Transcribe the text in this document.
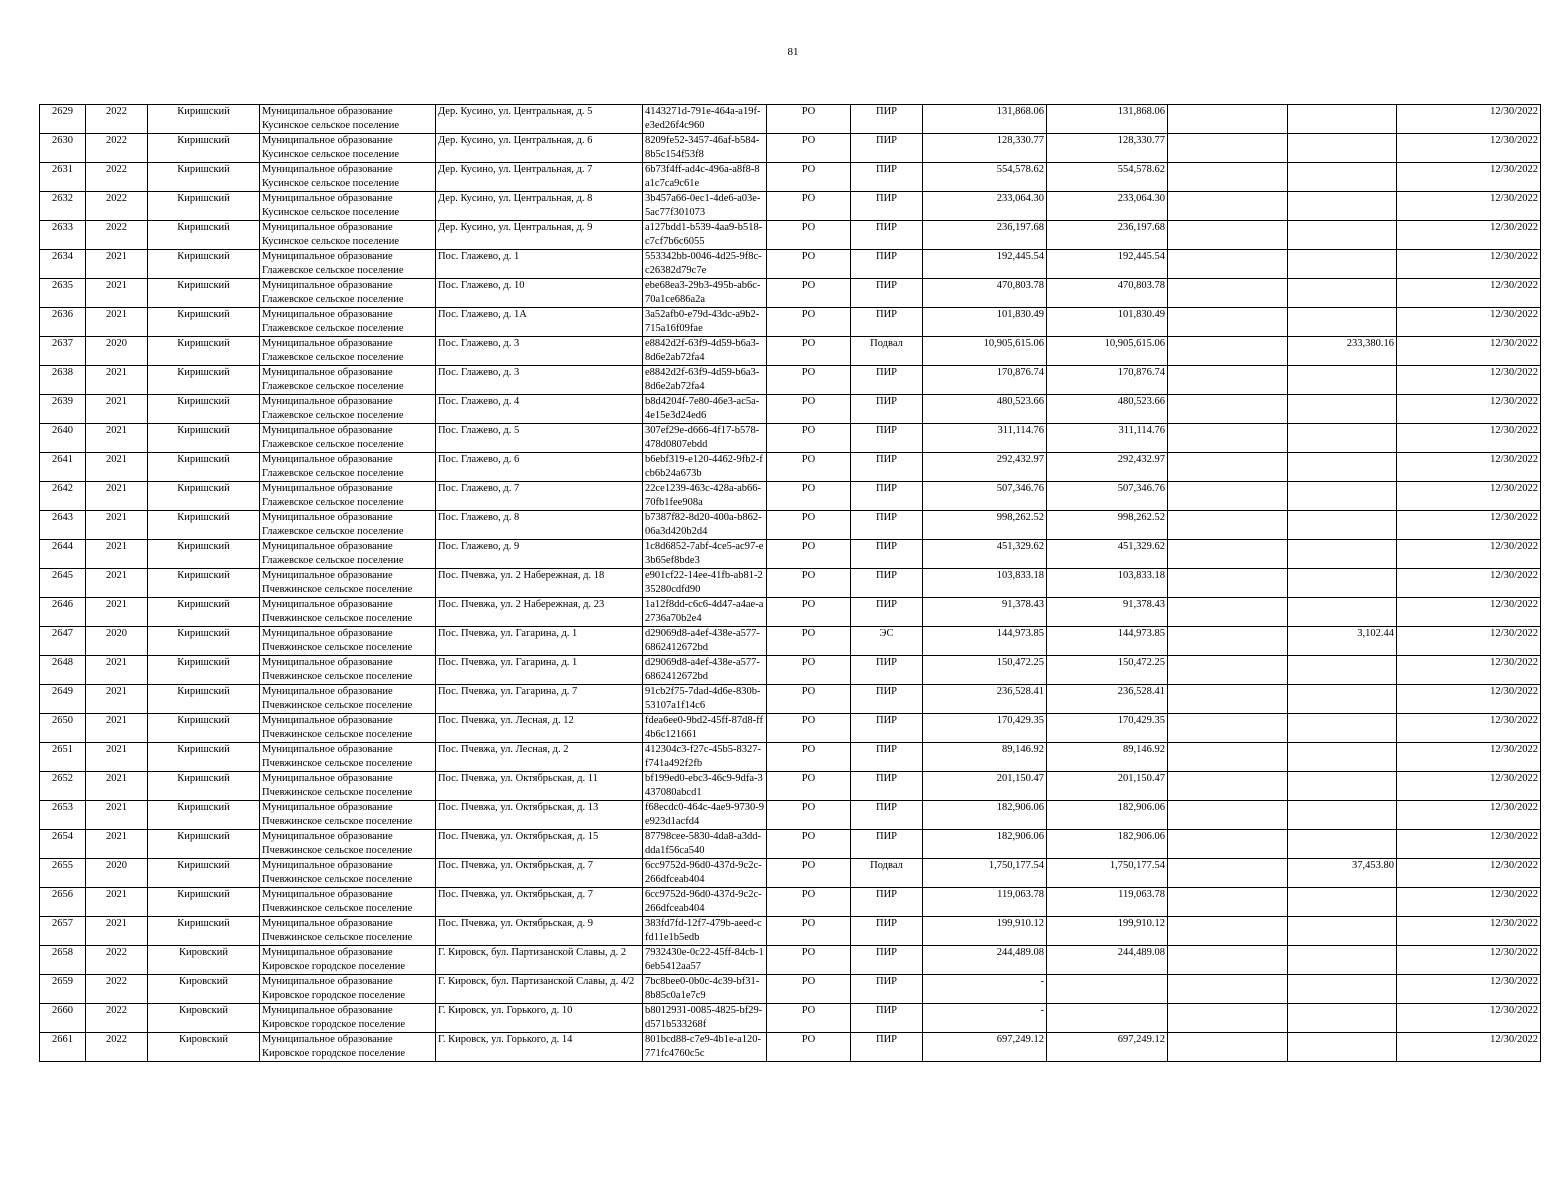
81
2629	2022	Киришский	Муниципальное образование
Кусинское сельское поселение	Дер. Кусино, ул. Центральная, д. 5	4143271d-791e-464a-a19f-e3ed26f4c960	РО	ПИР	131,868.06	131,868.06			12/30/2022
2630	2022	Киришский	Муниципальное образование
Кусинское сельское поселение	Дер. Кусино, ул. Центральная, д. 6	8209fe52-3457-46af-b584-8b5c154f53f8	РО	ПИР	128,330.77	128,330.77			12/30/2022
2631	2022	Киришский	Муниципальное образование
Кусинское сельское поселение	Дер. Кусино, ул. Центральная, д. 7	6b73f4ff-ad4c-496a-a8f8-8a1c7ca9c61e	РО	ПИР	554,578.62	554,578.62			12/30/2022
2632	2022	Киришский	Муниципальное образование
Кусинское сельское поселение	Дер. Кусино, ул. Центральная, д. 8	3b457a66-0ec1-4de6-a03e-5ac77f301073	РО	ПИР	233,064.30	233,064.30			12/30/2022
2633	2022	Киришский	Муниципальное образование
Кусинское сельское поселение	Дер. Кусино, ул. Центральная, д. 9	a127bdd1-b539-4aa9-b518-c7cf7b6c6055	РО	ПИР	236,197.68	236,197.68			12/30/2022
2634	2021	Киришский	Муниципальное образование
Глажевское сельское поселение	Пос. Глажево, д. 1	553342bb-0046-4d25-9f8c-c26382d79c7e	РО	ПИР	192,445.54	192,445.54			12/30/2022
2635	2021	Киришский	Муниципальное образование
Глажевское сельское поселение	Пос. Глажево, д. 10	ebe68ea3-29b3-495b-ab6c-70a1ce686a2a	РО	ПИР	470,803.78	470,803.78			12/30/2022
2636	2021	Киришский	Муниципальное образование
Глажевское сельское поселение	Пос. Глажево, д. 1А	3a52afb0-e79d-43dc-a9b2-715a16f09fae	РО	ПИР	101,830.49	101,830.49			12/30/2022
2637	2020	Киришский	Муниципальное образование
Глажевское сельское поселение	Пос. Глажево, д. 3	e8842d2f-63f9-4d59-b6a3-8d6e2ab72fa4	РО	Подвал	10,905,615.06	10,905,615.06		233,380.16	12/30/2022
2638	2021	Киришский	Муниципальное образование
Глажевское сельское поселение	Пос. Глажево, д. 3	e8842d2f-63f9-4d59-b6a3-8d6e2ab72fa4	РО	ПИР	170,876.74	170,876.74			12/30/2022
2639	2021	Киришский	Муниципальное образование
Глажевское сельское поселение	Пос. Глажево, д. 4	b8d4204f-7e80-46e3-ac5a-4e15e3d24ed6	РО	ПИР	480,523.66	480,523.66			12/30/2022
2640	2021	Киришский	Муниципальное образование
Глажевское сельское поселение	Пос. Глажево, д. 5	307ef29e-d666-4f17-b578-478d0807ebdd	РО	ПИР	311,114.76	311,114.76			12/30/2022
2641	2021	Киришский	Муниципальное образование
Глажевское сельское поселение	Пос. Глажево, д. 6	b6ebf319-e120-4462-9fb2-fcb6b24a673b	РО	ПИР	292,432.97	292,432.97			12/30/2022
2642	2021	Киришский	Муниципальное образование
Глажевское сельское поселение	Пос. Глажево, д. 7	22ce1239-463c-428a-ab66-70fb1fee908a	РО	ПИР	507,346.76	507,346.76			12/30/2022
2643	2021	Киришский	Муниципальное образование
Глажевское сельское поселение	Пос. Глажево, д. 8	b7387f82-8d20-400a-b862-06a3d420b2d4	РО	ПИР	998,262.52	998,262.52			12/30/2022
2644	2021	Киришский	Муниципальное образование
Глажевское сельское поселение	Пос. Глажево, д. 9	1c8d6852-7abf-4ce5-ac97-e3b65ef8bde3	РО	ПИР	451,329.62	451,329.62			12/30/2022
2645	2021	Киришский	Муниципальное образование
Пчевжинское сельское поселение	Пос. Пчевжа, ул. 2 Набережная, д. 18	e901cf22-14ee-41fb-ab81-235280cdfd90	РО	ПИР	103,833.18	103,833.18			12/30/2022
2646	2021	Киришский	Муниципальное образование
Пчевжинское сельское поселение	Пос. Пчевжа, ул. 2 Набережная, д. 23	1a12f8dd-c6c6-4d47-a4ae-a2736a70b2e4	РО	ПИР	91,378.43	91,378.43			12/30/2022
2647	2020	Киришский	Муниципальное образование
Пчевжинское сельское поселение	Пос. Пчевжа, ул. Гагарина, д. 1	d29069d8-a4ef-438e-a577-6862412672bd	РО	ЭС	144,973.85	144,973.85		3,102.44	12/30/2022
2648	2021	Киришский	Муниципальное образование
Пчевжинское сельское поселение	Пос. Пчевжа, ул. Гагарина, д. 1	d29069d8-a4ef-438e-a577-6862412672bd	РО	ПИР	150,472.25	150,472.25			12/30/2022
2649	2021	Киришский	Муниципальное образование
Пчевжинское сельское поселение	Пос. Пчевжа, ул. Гагарина, д. 7	91cb2f75-7dad-4d6e-830b-53107a1f14c6	РО	ПИР	236,528.41	236,528.41			12/30/2022
2650	2021	Киришский	Муниципальное образование
Пчевжинское сельское поселение	Пос. Пчевжа, ул. Лесная, д. 12	fdea6ee0-9bd2-45ff-87d8-ff4b6c121661	РО	ПИР	170,429.35	170,429.35			12/30/2022
2651	2021	Киришский	Муниципальное образование
Пчевжинское сельское поселение	Пос. Пчевжа, ул. Лесная, д. 2	412304c3-f27c-45b5-8327-f741a492f2fb	РО	ПИР	89,146.92	89,146.92			12/30/2022
2652	2021	Киришский	Муниципальное образование
Пчевжинское сельское поселение	Пос. Пчевжа, ул. Октябрьская, д. 11	bf199ed0-ebc3-46c9-9dfa-3437080abcd1	РО	ПИР	201,150.47	201,150.47			12/30/2022
2653	2021	Киришский	Муниципальное образование
Пчевжинское сельское поселение	Пос. Пчевжа, ул. Октябрьская, д. 13	f68ecdc0-464c-4ae9-9730-9e923d1acfd4	РО	ПИР	182,906.06	182,906.06			12/30/2022
2654	2021	Киришский	Муниципальное образование
Пчевжинское сельское поселение	Пос. Пчевжа, ул. Октябрьская, д. 15	87798cee-5830-4da8-a3dd-dda1f56ca540	РО	ПИР	182,906.06	182,906.06			12/30/2022
2655	2020	Киришский	Муниципальное образование
Пчевжинское сельское поселение	Пос. Пчевжа, ул. Октябрьская, д. 7	6cc9752d-96d0-437d-9c2c-266dfceab404	РО	Подвал	1,750,177.54	1,750,177.54		37,453.80	12/30/2022
2656	2021	Киришский	Муниципальное образование
Пчевжинское сельское поселение	Пос. Пчевжа, ул. Октябрьская, д. 7	6cc9752d-96d0-437d-9c2c-266dfceab404	РО	ПИР	119,063.78	119,063.78			12/30/2022
2657	2021	Киришский	Муниципальное образование
Пчевжинское сельское поселение	Пос. Пчевжа, ул. Октябрьская, д. 9	383fd7fd-12f7-479b-aeed-cfd11e1b5edb	РО	ПИР	199,910.12	199,910.12			12/30/2022
2658	2022	Кировский	Муниципальное образование
Кировское городское поселение	Г. Кировск, бул. Партизанской Славы, д. 2	7932430e-0c22-45ff-84cb-16eb5412aa57	РО	ПИР	244,489.08	244,489.08			12/30/2022
2659	2022	Кировский	Муниципальное образование
Кировское городское поселение	Г. Кировск, бул. Партизанской Славы, д. 4/2	7bc8bee0-0b0c-4c39-bf31-8b85c0a1e7c9	РО	ПИР	-				12/30/2022
2660	2022	Кировский	Муниципальное образование
Кировское городское поселение	Г. Кировск, ул. Горького, д. 10	b8012931-0085-4825-bf29-d571b533268f	РО	ПИР	-				12/30/2022
2661	2022	Кировский	Муниципальное образование
Кировское городское поселение	Г. Кировск, ул. Горького, д. 14	801bcd88-c7e9-4b1e-a120-771fc4760c5c	РО	ПИР	697,249.12	697,249.12			12/30/2022
